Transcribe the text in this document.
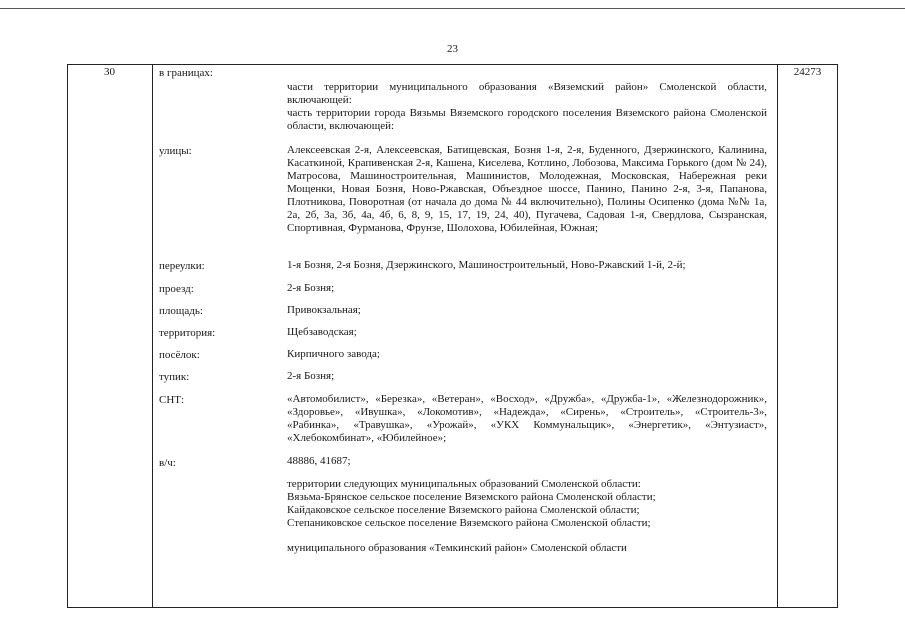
23
30	24273
в границах:
части территории муниципального образования «Вяземский район» Смоленской области, включающей:
часть территории города Вязьмы Вяземского городского поселения Вяземского района Смоленской области, включающей:
улицы:	Алексеевская 2-я, Алексеевская, Батищевская, Бозня 1-я, 2-я, Буденного, Дзержинского, Калинина, Касаткиной, Крапивенская 2-я, Кашена, Киселева, Котлино, Лобозова, Максима Горького (дом № 24), Матросова, Машиностроительная, Машинистов, Молодежная, Московская, Набережная реки Мощенки, Новая Бозня, Ново-Ржавская, Объездное шоссе, Панино, Панино 2-я, 3-я, Папанова, Плотникова, Поворотная (от начала до дома № 44 включительно), Полины Осипенко (дома №№ 1а, 2а, 2б, 3а, 3б, 4а, 4б, 6, 8, 9, 15, 17, 19, 24, 40), Пугачева, Садовая 1-я, Свердлова, Сызранская, Спортивная, Фурманова, Фрунзе, Шолохова, Юбилейная, Южная;
переулки:	1-я Бозня, 2-я Бозня, Дзержинского, Машиностроительный, Ново-Ржавский 1-й, 2-й;
проезд:	2-я Бозня;
площадь:	Привокзальная;
территория:	Щебзаводская;
посёлок:	Кирпичного завода;
тупик:	2-я Бозня;
СНТ:	«Автомобилист», «Березка», «Ветеран», «Восход», «Дружба», «Дружба-1», «Железнодорожник», «Здоровье», «Ивушка», «Локомотив», «Надежда», «Сирень», «Строитель», «Строитель-3», «Рабинка», «Травушка», «Урожай», «УКХ Коммунальщик», «Энергетик», «Энтузиаст», «Хлебокомбинат», «Юбилейное»;
в/ч:	48886, 41687;
территории следующих муниципальных образований Смоленской области:
Вязьма-Брянское сельское поселение Вяземского района Смоленской области;
Кайдаковское сельское поселение Вяземского района Смоленской области;
Степаниковское сельское поселение Вяземского района Смоленской области;
муниципального образования «Темкинский район» Смоленской области
